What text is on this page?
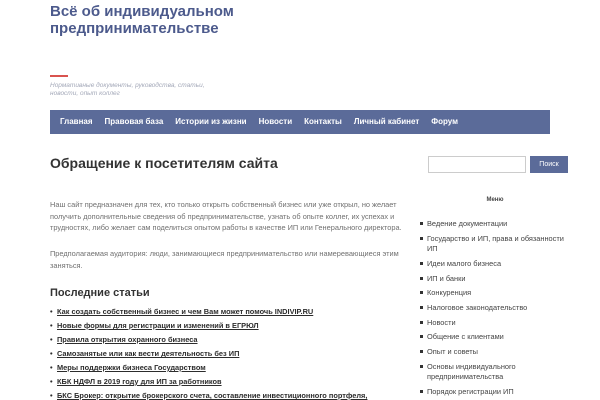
Всё об индивидуальном предпринимательстве
Нормативные документы, руководства, статьи, новости, опыт коллег
Главная	Правовая база	Истории из жизни	Новости	Контакты	Личный кабинет	Форум
Обращение к посетителям сайта

Наш сайт предназначен для тех, кто только открыть собственный бизнес или уже открыл, но желает получить дополнительные сведения об предпринимательстве, узнать об опыте коллег, их успехах и трудностях, либо желает сам поделиться опытом работы в качестве ИП или Генерального директора.

Предполагаемая аудитория: люди, занимающиеся предпринимательство или намеревающиеся этим заняться.

Последние статьи
• Как создать собственный бизнес и чем Вам может помочь INDIVIP.RU
• Новые формы для регистрации и изменений в ЕГРЮЛ
• Правила открытия охранного бизнеса
• Самозанятые или как вести деятельность без ИП
• Меры поддержки бизнеса Государством
• КБК НДФЛ в 2019 году для ИП за работников
• БКС Брокер: открытие брокерского счета, составление инвестиционного портфеля,
Поиск
Меню
Ведение документации
Государство и ИП, права и обязанности ИП
Идеи малого бизнеса
ИП и банки
Конкуренция
Налоговое законодательство
Новости
Общение с клиентами
Опыт и советы
Основы индивидуального предпринимательства
Порядок регистрации ИП
